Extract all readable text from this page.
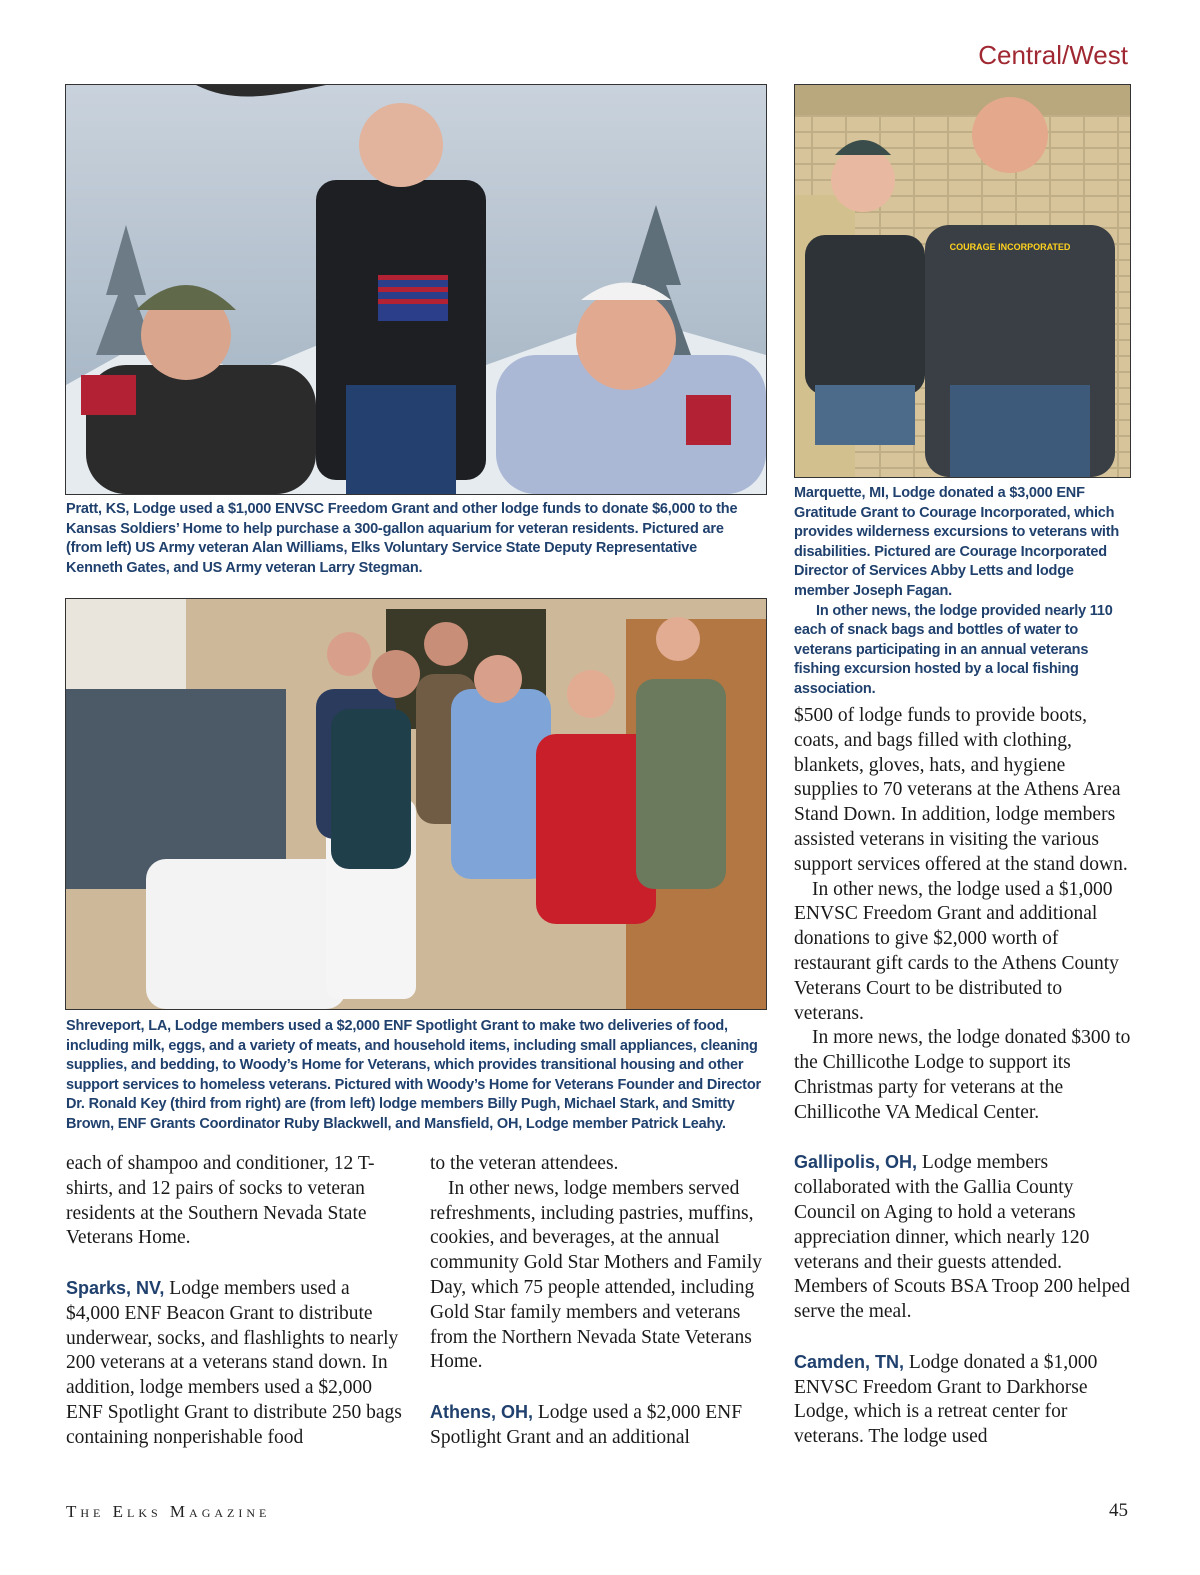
Central/West

Pratt, KS, Lodge used a $1,000 ENVSC Freedom Grant and other lodge funds to donate $6,000 to the Kansas Soldiers’ Home to help purchase a 300-gallon aquarium for veteran residents. Pictured are (from left) US Army veteran Alan Williams, Elks Voluntary Service State Deputy Representative Kenneth Gates, and US Army veteran Larry Stegman.

COURAGE INCORPORATED

Marquette, MI, Lodge donated a $3,000 ENF Gratitude Grant to Courage Incorporated, which provides wilderness excursions to veterans with disabilities. Pictured are Courage Incorporated Director of Services Abby Letts and lodge member Joseph Fagan.
In other news, the lodge provided nearly 110 each of snack bags and bottles of water to veterans participating in an annual veterans fishing excursion hosted by a local fishing association.

Shreveport, LA, Lodge members used a $2,000 ENF Spotlight Grant to make two deliveries of food, including milk, eggs, and a variety of meats, and household items, including small appliances, cleaning supplies, and bedding, to Woody’s Home for Veterans, which provides transitional housing and other support services to homeless veterans. Pictured with Woody’s Home for Veterans Founder and Director Dr. Ronald Key (third from right) are (from left) lodge members Billy Pugh, Michael Stark, and Smitty Brown, ENF Grants Coordinator Ruby Blackwell, and Mansfield, OH, Lodge member Patrick Leahy.

each of shampoo and conditioner, 12 T-shirts, and 12 pairs of socks to veteran residents at the Southern Nevada State Veterans Home.

Sparks, NV, Lodge members used a $4,000 ENF Beacon Grant to distribute underwear, socks, and flashlights to nearly 200 veterans at a veterans stand down. In addition, lodge members used a $2,000 ENF Spotlight Grant to distribute 250 bags containing nonperishable food

to the veteran attendees.

In other news, lodge members served refreshments, including pastries, muffins, cookies, and beverages, at the annual community Gold Star Mothers and Family Day, which 75 people attended, including Gold Star family members and veterans from the Northern Nevada State Veterans Home.

Athens, OH, Lodge used a $2,000 ENF Spotlight Grant and an additional

$500 of lodge funds to provide boots, coats, and bags filled with clothing, blankets, gloves, hats, and hygiene supplies to 70 veterans at the Athens Area Stand Down. In addition, lodge members assisted veterans in visiting the various support services offered at the stand down.

In other news, the lodge used a $1,000 ENVSC Freedom Grant and additional donations to give $2,000 worth of restaurant gift cards to the Athens County Veterans Court to be distributed to veterans.

In more news, the lodge donated $300 to the Chillicothe Lodge to support its Christmas party for veterans at the Chillicothe VA Medical Center.

Gallipolis, OH, Lodge members collaborated with the Gallia County Council on Aging to hold a veterans appreciation dinner, which nearly 120 veterans and their guests attended. Members of Scouts BSA Troop 200 helped serve the meal.

Camden, TN, Lodge donated a $1,000 ENVSC Freedom Grant to Darkhorse Lodge, which is a retreat center for veterans. The lodge used

The Elks Magazine	45
